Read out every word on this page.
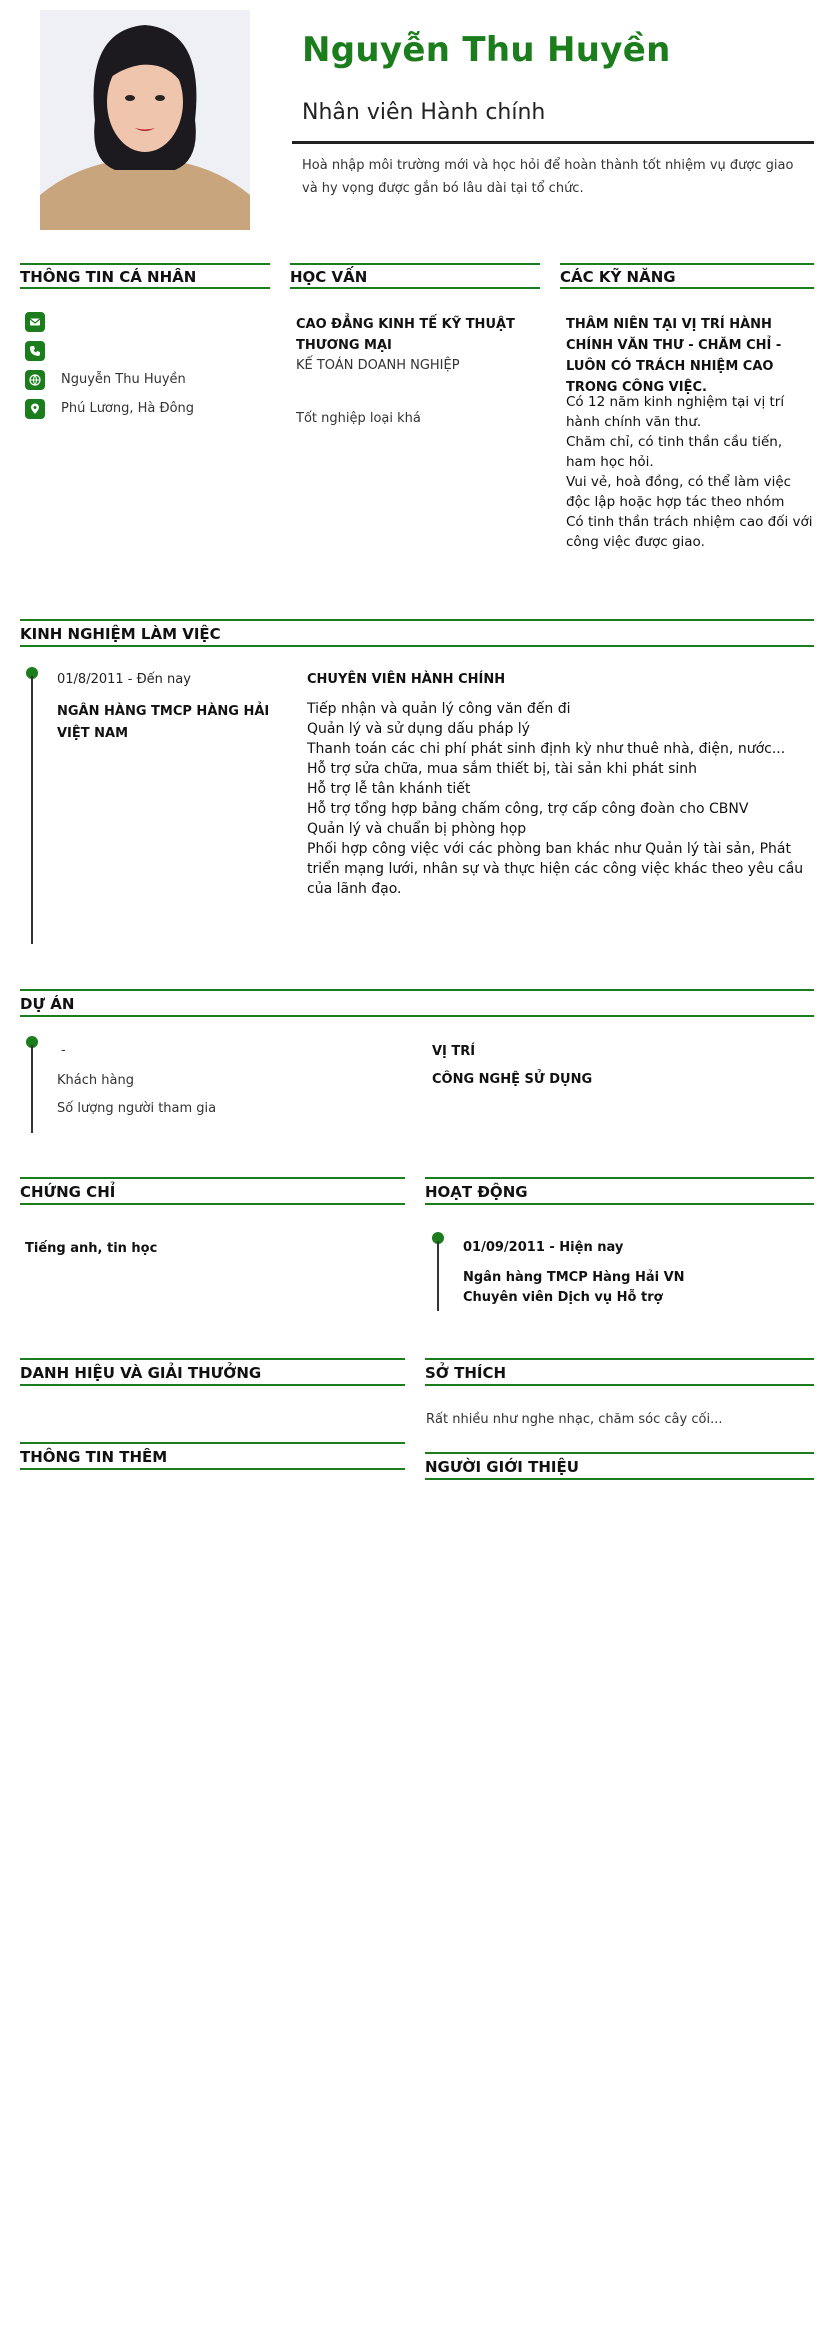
Nguyễn Thu Huyền
Nhân viên Hành chính
Hoà nhập môi trường mới và học hỏi để hoàn thành tốt nhiệm vụ được giao và hy vọng được gắn bó lâu dài tại tổ chức.
THÔNG TIN CÁ NHÂN	HỌC VẤN	CÁC KỸ NĂNG
Nguyễn Thu Huyền
Phú Lương, Hà Đông
CAO ĐẲNG KINH TẾ KỸ THUẬT THƯƠNG MẠI
KẾ TOÁN DOANH NGHIỆP
Tốt nghiệp loại khá
THÂM NIÊN TẠI VỊ TRÍ HÀNH CHÍNH VĂN THƯ - CHĂM CHỈ - LUÔN CÓ TRÁCH NHIỆM CAO TRONG CÔNG VIỆC.
Có 12 năm kinh nghiệm tại vị trí hành chính văn thư.
Chăm chỉ, có tinh thần cầu tiến, ham học hỏi.
Vui vẻ, hoà đồng, có thể làm việc độc lập hoặc hợp tác theo nhóm
Có tinh thần trách nhiệm cao đối với công việc được giao.
KINH NGHIỆM LÀM VIỆC
01/8/2011 - Đến nay
NGÂN HÀNG TMCP HÀNG HẢI VIỆT NAM
CHUYÊN VIÊN HÀNH CHÍNH
Tiếp nhận và quản lý công văn đến đi
Quản lý và sử dụng dấu pháp lý
Thanh toán các chi phí phát sinh định kỳ như thuê nhà, điện, nước...
Hỗ trợ sửa chữa, mua sắm thiết bị, tài sản khi phát sinh
Hỗ trợ lễ tân khánh tiết
Hỗ trợ tổng hợp bảng chấm công, trợ cấp công đoàn cho CBNV
Quản lý và chuẩn bị phòng họp
Phối hợp công việc với các phòng ban khác như Quản lý tài sản, Phát triển mạng lưới, nhân sự và thực hiện các công việc khác theo yêu cầu của lãnh đạo.
DỰ ÁN
-
Khách hàng
Số lượng người tham gia
VỊ TRÍ
CÔNG NGHỆ SỬ DỤNG
CHỨNG CHỈ	HOẠT ĐỘNG
Tiếng anh, tin học	01/09/2011 - Hiện nay
Ngân hàng TMCP Hàng Hải VN
Chuyên viên Dịch vụ Hỗ trợ
DANH HIỆU VÀ GIẢI THƯỞNG	SỞ THÍCH
Rất nhiều như nghe nhạc, chăm sóc cây cối...
THÔNG TIN THÊM
NGƯỜI GIỚI THIỆU
